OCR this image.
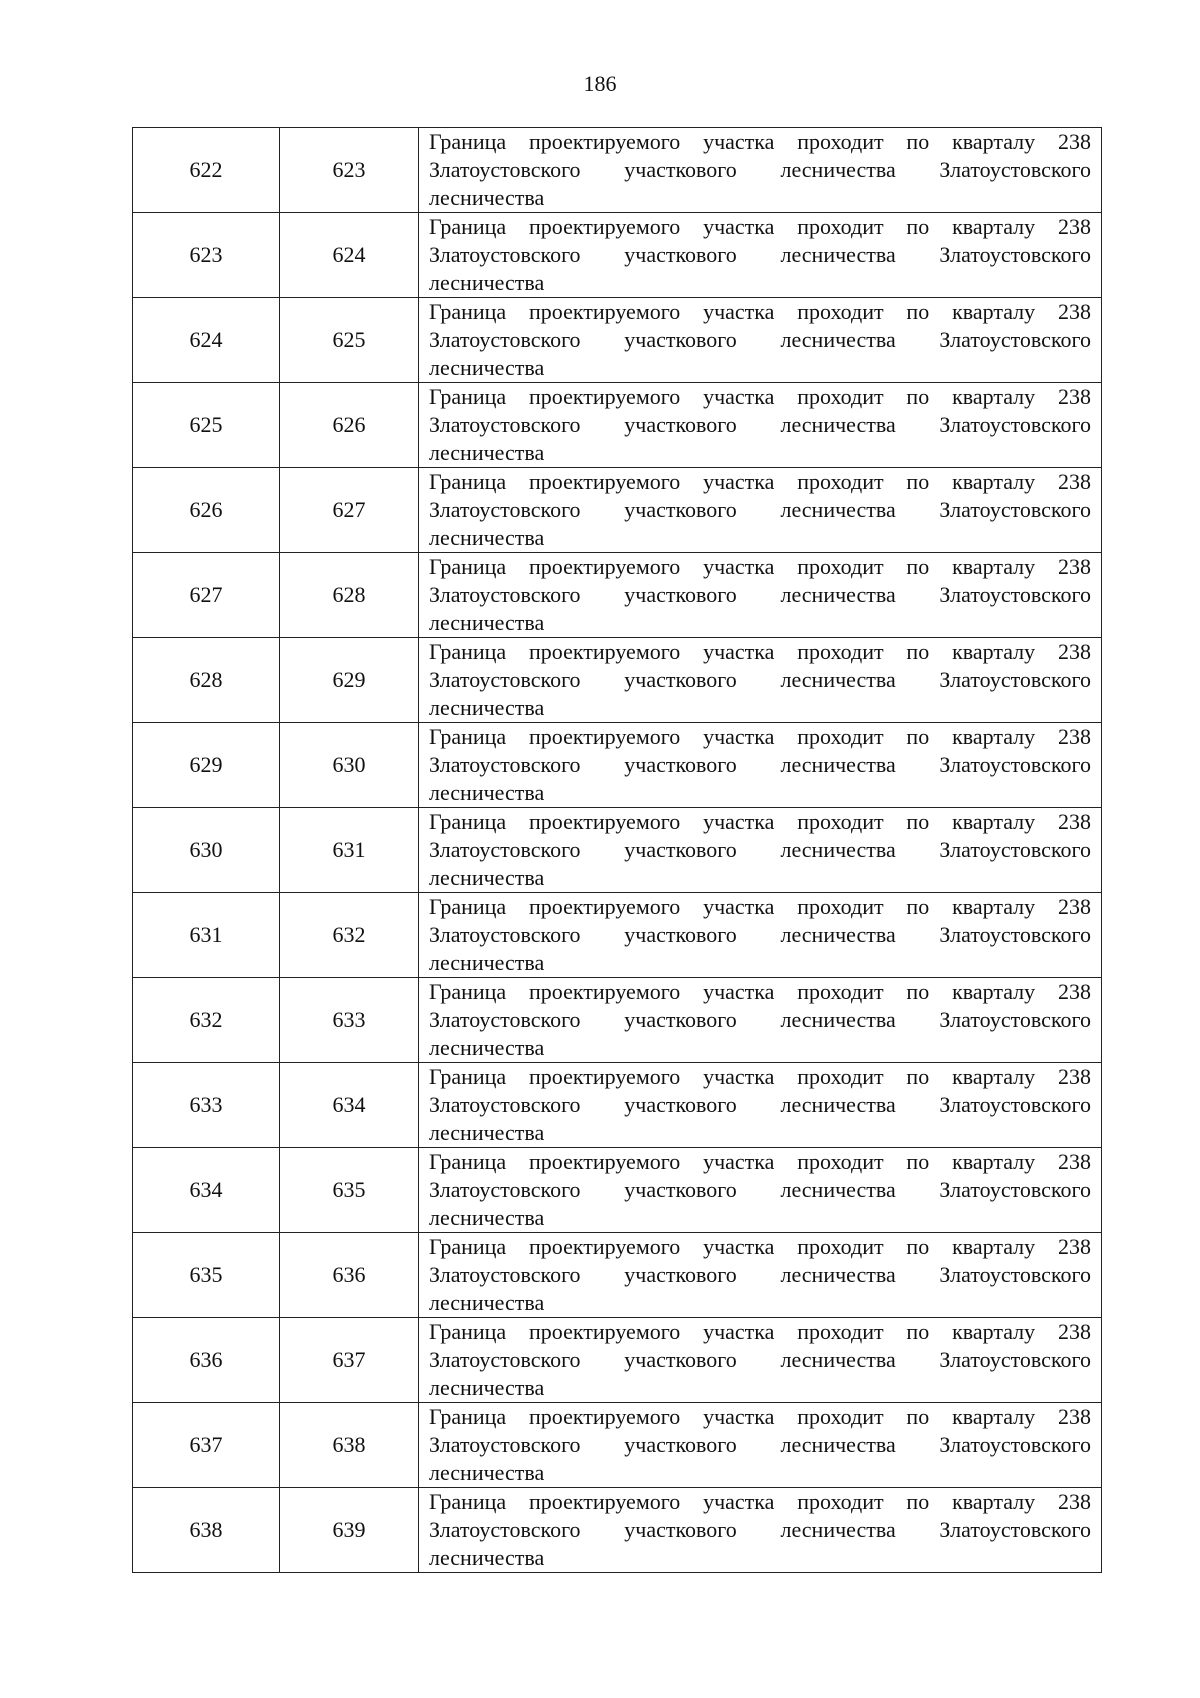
186
622	623	Граница проектируемого участка проходит по кварталу 238 Златоустовского участкового лесничества Златоустовского лесничества
623	624	Граница проектируемого участка проходит по кварталу 238 Златоустовского участкового лесничества Златоустовского лесничества
624	625	Граница проектируемого участка проходит по кварталу 238 Златоустовского участкового лесничества Златоустовского лесничества
625	626	Граница проектируемого участка проходит по кварталу 238 Златоустовского участкового лесничества Златоустовского лесничества
626	627	Граница проектируемого участка проходит по кварталу 238 Златоустовского участкового лесничества Златоустовского лесничества
627	628	Граница проектируемого участка проходит по кварталу 238 Златоустовского участкового лесничества Златоустовского лесничества
628	629	Граница проектируемого участка проходит по кварталу 238 Златоустовского участкового лесничества Златоустовского лесничества
629	630	Граница проектируемого участка проходит по кварталу 238 Златоустовского участкового лесничества Златоустовского лесничества
630	631	Граница проектируемого участка проходит по кварталу 238 Златоустовского участкового лесничества Златоустовского лесничества
631	632	Граница проектируемого участка проходит по кварталу 238 Златоустовского участкового лесничества Златоустовского лесничества
632	633	Граница проектируемого участка проходит по кварталу 238 Златоустовского участкового лесничества Златоустовского лесничества
633	634	Граница проектируемого участка проходит по кварталу 238 Златоустовского участкового лесничества Златоустовского лесничества
634	635	Граница проектируемого участка проходит по кварталу 238 Златоустовского участкового лесничества Златоустовского лесничества
635	636	Граница проектируемого участка проходит по кварталу 238 Златоустовского участкового лесничества Златоустовского лесничества
636	637	Граница проектируемого участка проходит по кварталу 238 Златоустовского участкового лесничества Златоустовского лесничества
637	638	Граница проектируемого участка проходит по кварталу 238 Златоустовского участкового лесничества Златоустовского лесничества
638	639	Граница проектируемого участка проходит по кварталу 238 Златоустовского участкового лесничества Златоустовского лесничества
